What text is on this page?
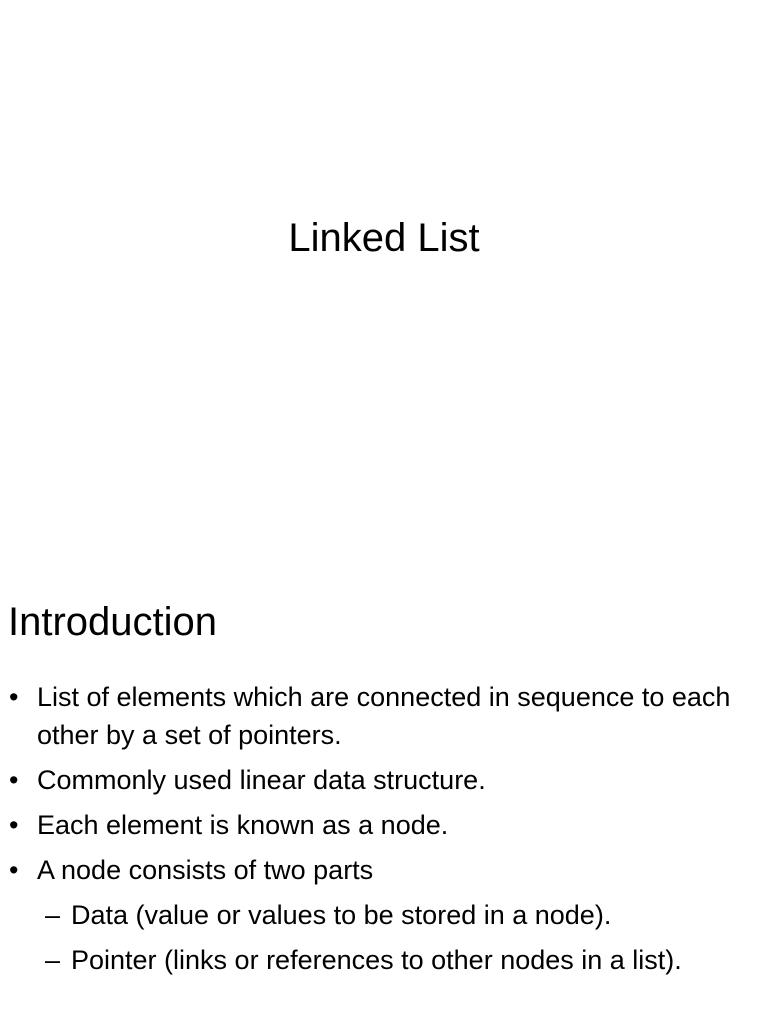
Linked List
Introduction
• List of elements which are connected in sequence to each other by a set of pointers.
• Commonly used linear data structure.
• Each element is known as a node.
• A node consists of two parts
– Data (value or values to be stored in a node).
– Pointer (links or references to other nodes in a list).
